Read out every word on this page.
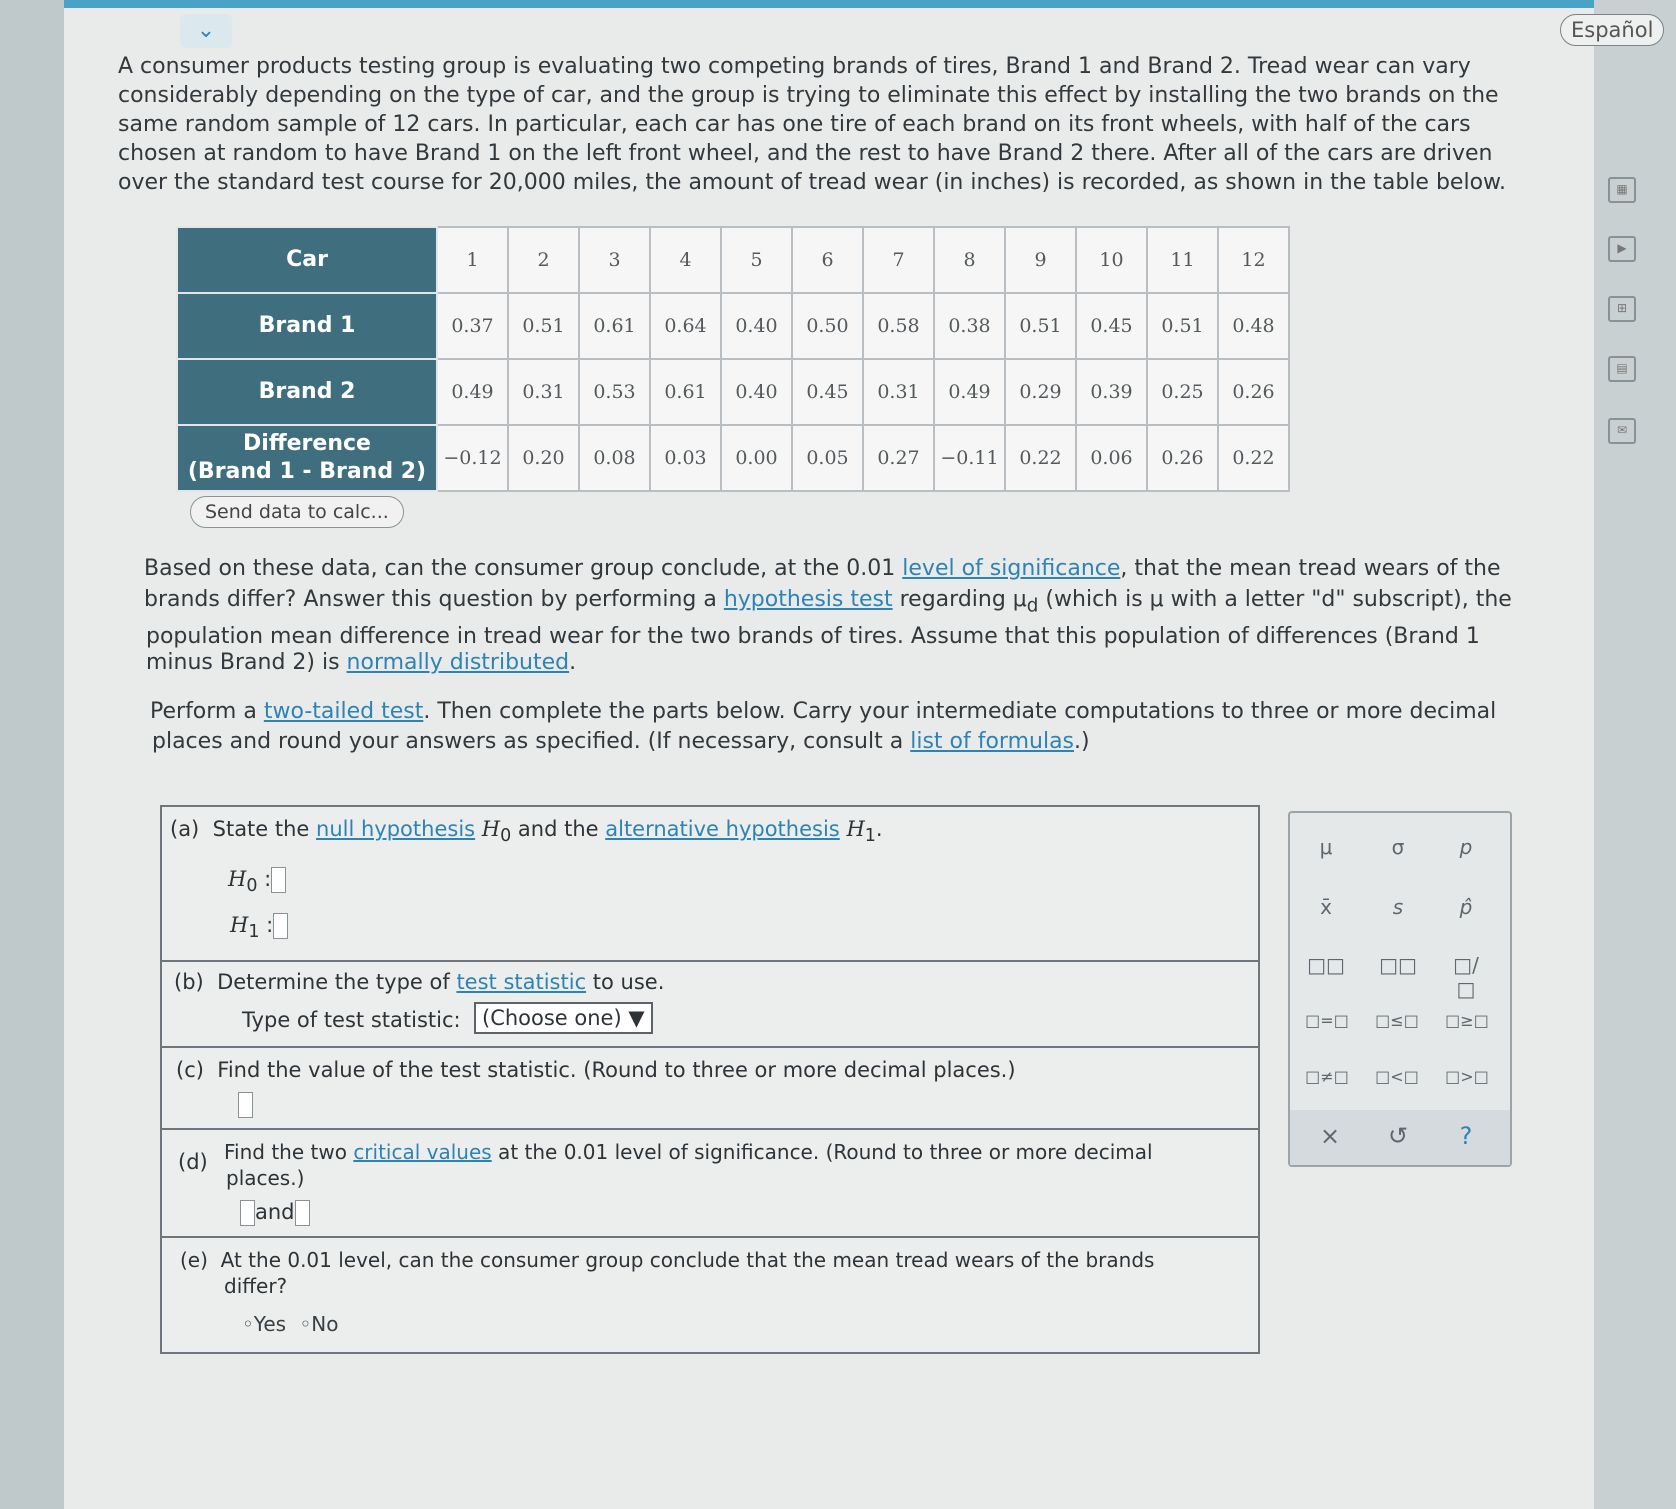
⌄	Español
▦
▶
⊞
▤
✉
A consumer products testing group is evaluating two competing brands of tires, Brand 1 and Brand 2. Tread wear can vary
considerably depending on the type of car, and the group is trying to eliminate this effect by installing the two brands on the
same random sample of 12 cars. In particular, each car has one tire of each brand on its front wheels, with half of the cars
chosen at random to have Brand 1 on the left front wheel, and the rest to have Brand 2 there. After all of the cars are driven
over the standard test course for 20,000 miles, the amount of tread wear (in inches) is recorded, as shown in the table below.
Car	1	2	3	4	5	6	7	8	9	10	11	12
Brand 1	0.37	0.51	0.61	0.64	0.40	0.50	0.58	0.38	0.51	0.45	0.51	0.48
Brand 2	0.49	0.31	0.53	0.61	0.40	0.45	0.31	0.49	0.29	0.39	0.25	0.26
Difference
(Brand 1 - Brand 2)	−0.12	0.20	0.08	0.03	0.00	0.05	0.27	−0.11	0.22	0.06	0.26	0.22
Send data to calc...
Based on these data, can the consumer group conclude, at the 0.01 level of significance, that the mean tread wears of the
brands differ? Answer this question by performing a hypothesis test regarding $\mu_d$ (which is μ with a letter "d" subscript), the
population mean difference in tread wear for the two brands of tires. Assume that this population of differences (Brand 1
minus Brand 2) is normally distributed.
Perform a two-tailed test. Then complete the parts below. Carry your intermediate computations to three or more decimal
places and round your answers as specified. (If necessary, consult a list of formulas.)
(a) State the null hypothesis $H_0$ and the alternative hypothesis $H_1$.
$H_0$ :
$H_1$ :
(b) Determine the type of test statistic to use.
Type of test statistic:	(Choose one) ▼
(c) Find the value of the test statistic. (Round to three or more decimal places.)
(d) Find the two critical values at the 0.01 level of significance. (Round to three or more decimal
places.)
and
(e) At the 0.01 level, can the consumer group conclude that the mean tread wears of the brands
differ?
◦Yes ◦No
μ	σ	p
x̄	s	p̂
□□ □□	□/□
□=□	□≤□	□≥□
□≠□	□<□	□>□
×	↺	?
